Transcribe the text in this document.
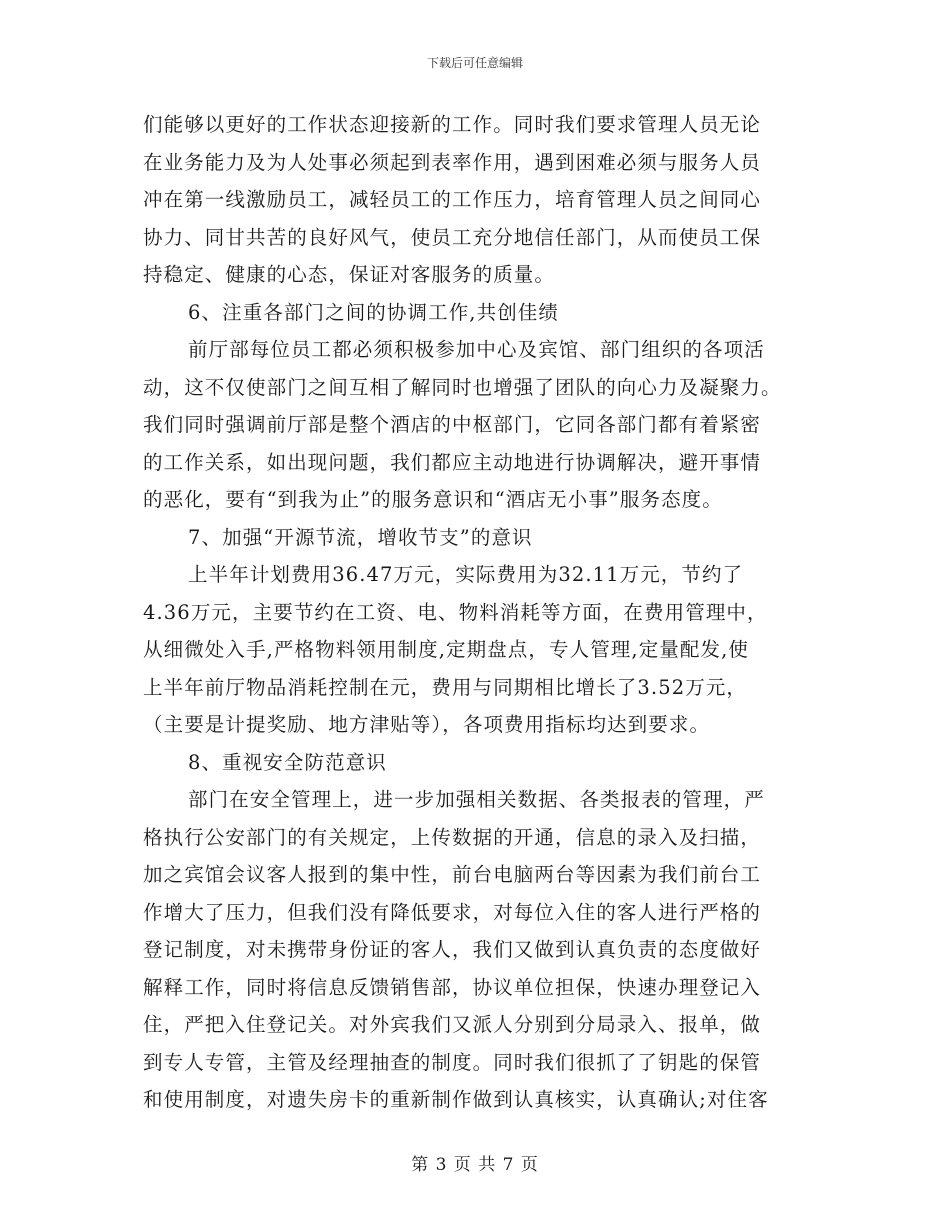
下载后可任意编辑
们能够以更好的工作状态迎接新的工作。同时我们要求管理人员无论
在业务能力及为人处事必须起到表率作用，遇到困难必须与服务人员
冲在第一线激励员工，减轻员工的工作压力，培育管理人员之间同心
协力、同甘共苦的良好风气，使员工充分地信任部门，从而使员工保
持稳定、健康的心态，保证对客服务的质量。
6、注重各部门之间的协调工作,共创佳绩
前厅部每位员工都必须积极参加中心及宾馆、部门组织的各项活
动，这不仅使部门之间互相了解同时也增强了团队的向心力及凝聚力。
我们同时强调前厅部是整个酒店的中枢部门，它同各部门都有着紧密
的工作关系，如出现问题，我们都应主动地进行协调解决，避开事情
的恶化，要有“到我为止”的服务意识和“酒店无小事”服务态度。
7、加强“开源节流，增收节支”的意识
上半年计划费用36.47万元，实际费用为32.11万元，节约了
4.36万元，主要节约在工资、电、物料消耗等方面，在费用管理中，
从细微处入手,严格物料领用制度,定期盘点，专人管理,定量配发,使
上半年前厅物品消耗控制在元，费用与同期相比增长了3.52万元，
（主要是计提奖励、地方津贴等），各项费用指标均达到要求。
8、重视安全防范意识
部门在安全管理上，进一步加强相关数据、各类报表的管理，严
格执行公安部门的有关规定，上传数据的开通，信息的录入及扫描，
加之宾馆会议客人报到的集中性，前台电脑两台等因素为我们前台工
作增大了压力，但我们没有降低要求，对每位入住的客人进行严格的
登记制度，对未携带身份证的客人，我们又做到认真负责的态度做好
解释工作，同时将信息反馈销售部，协议单位担保，快速办理登记入
住，严把入住登记关。对外宾我们又派人分别到分局录入、报单，做
到专人专管，主管及经理抽查的制度。同时我们很抓了了钥匙的保管
和使用制度，对遗失房卡的重新制作做到认真核实，认真确认;对住客
第 3 页 共 7 页
